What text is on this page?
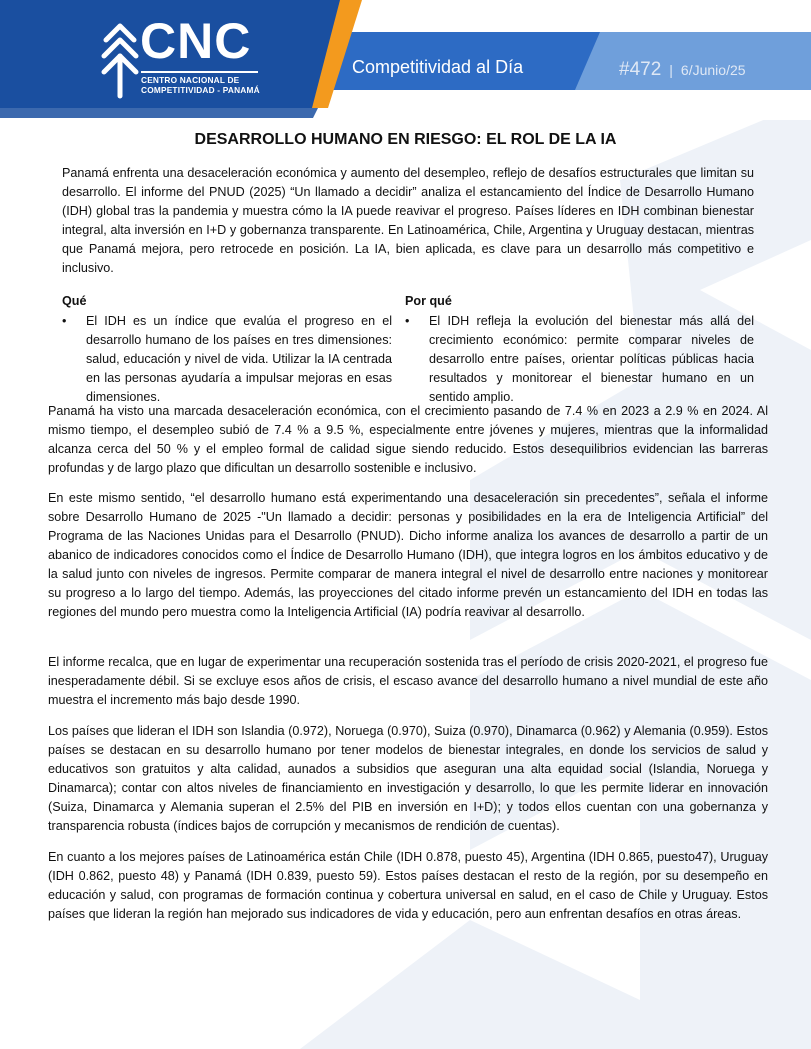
CNC
CENTRO NACIONAL DE
COMPETITIVIDAD - PANAMÁ
Competitividad al Día	#472 | 6/Junio/25
DESARROLLO HUMANO EN RIESGO: EL ROL DE LA IA

Panamá enfrenta una desaceleración económica y aumento del desempleo, reflejo de desafíos estructurales que limitan su desarrollo. El informe del PNUD (2025) “Un llamado a decidir” analiza el estancamiento del Índice de Desarrollo Humano (IDH) global tras la pandemia y muestra cómo la IA puede reavivar el progreso. Países líderes en IDH combinan bienestar integral, alta inversión en I+D y gobernanza transparente. En Latinoamérica, Chile, Argentina y Uruguay destacan, mientras que Panamá mejora, pero retrocede en posición. La IA, bien aplicada, es clave para un desarrollo más competitivo e inclusivo.

Qué
•	El IDH es un índice que evalúa el progreso en el desarrollo humano de los países en tres dimensiones: salud, educación y nivel de vida. Utilizar la IA centrada en las personas ayudaría a impulsar mejoras en esas dimensiones.
Por qué
•	El IDH refleja la evolución del bienestar más allá del crecimiento económico: permite comparar niveles de desarrollo entre países, orientar políticas públicas hacia resultados y monitorear el bienestar humano en un sentido amplio.

Panamá ha visto una marcada desaceleración económica, con el crecimiento pasando de 7.4 % en 2023 a 2.9 % en 2024. Al mismo tiempo, el desempleo subió de 7.4 % a 9.5 %, especialmente entre jóvenes y mujeres, mientras que la informalidad alcanza cerca del 50 % y el empleo formal de calidad sigue siendo reducido. Estos desequilibrios evidencian las barreras profundas y de largo plazo que dificultan un desarrollo sostenible e inclusivo.

En este mismo sentido, “el desarrollo humano está experimentando una desaceleración sin precedentes”, señala el informe sobre Desarrollo Humano de 2025 -"Un llamado a decidir: personas y posibilidades en la era de Inteligencia Artificial” del Programa de las Naciones Unidas para el Desarrollo (PNUD). Dicho informe analiza los avances de desarrollo a partir de un abanico de indicadores conocidos como el Índice de Desarrollo Humano (IDH), que integra logros en los ámbitos educativo y de la salud junto con niveles de ingresos. Permite comparar de manera integral el nivel de desarrollo entre naciones y monitorear su progreso a lo largo del tiempo. Además, las proyecciones del citado informe prevén un estancamiento del IDH en todas las regiones del mundo pero muestra como la Inteligencia Artificial (IA) podría reavivar al desarrollo.

El informe recalca, que en lugar de experimentar una recuperación sostenida tras el período de crisis 2020-2021, el progreso fue inesperadamente débil. Si se excluye esos años de crisis, el escaso avance del desarrollo humano a nivel mundial de este año muestra el incremento más bajo desde 1990.

Los países que lideran el IDH son Islandia (0.972), Noruega (0.970), Suiza (0.970), Dinamarca (0.962) y Alemania (0.959). Estos países se destacan en su desarrollo humano por tener modelos de bienestar integrales, en donde los servicios de salud y educativos son gratuitos y alta calidad, aunados a subsidios que aseguran una alta equidad social (Islandia, Noruega y Dinamarca); contar con altos niveles de financiamiento en investigación y desarrollo, lo que les permite liderar en innovación (Suiza, Dinamarca y Alemania superan el 2.5% del PIB en inversión en I+D); y todos ellos cuentan con una gobernanza y transparencia robusta (índices bajos de corrupción y mecanismos de rendición de cuentas).

En cuanto a los mejores países de Latinoamérica están Chile (IDH 0.878, puesto 45), Argentina (IDH 0.865, puesto47), Uruguay (IDH 0.862, puesto 48) y Panamá (IDH 0.839, puesto 59). Estos países destacan el resto de la región, por su desempeño en educación y salud, con programas de formación continua y cobertura universal en salud, en el caso de Chile y Uruguay. Estos países que lideran la región han mejorado sus indicadores de vida y educación, pero aun enfrentan desafíos en otras áreas.
